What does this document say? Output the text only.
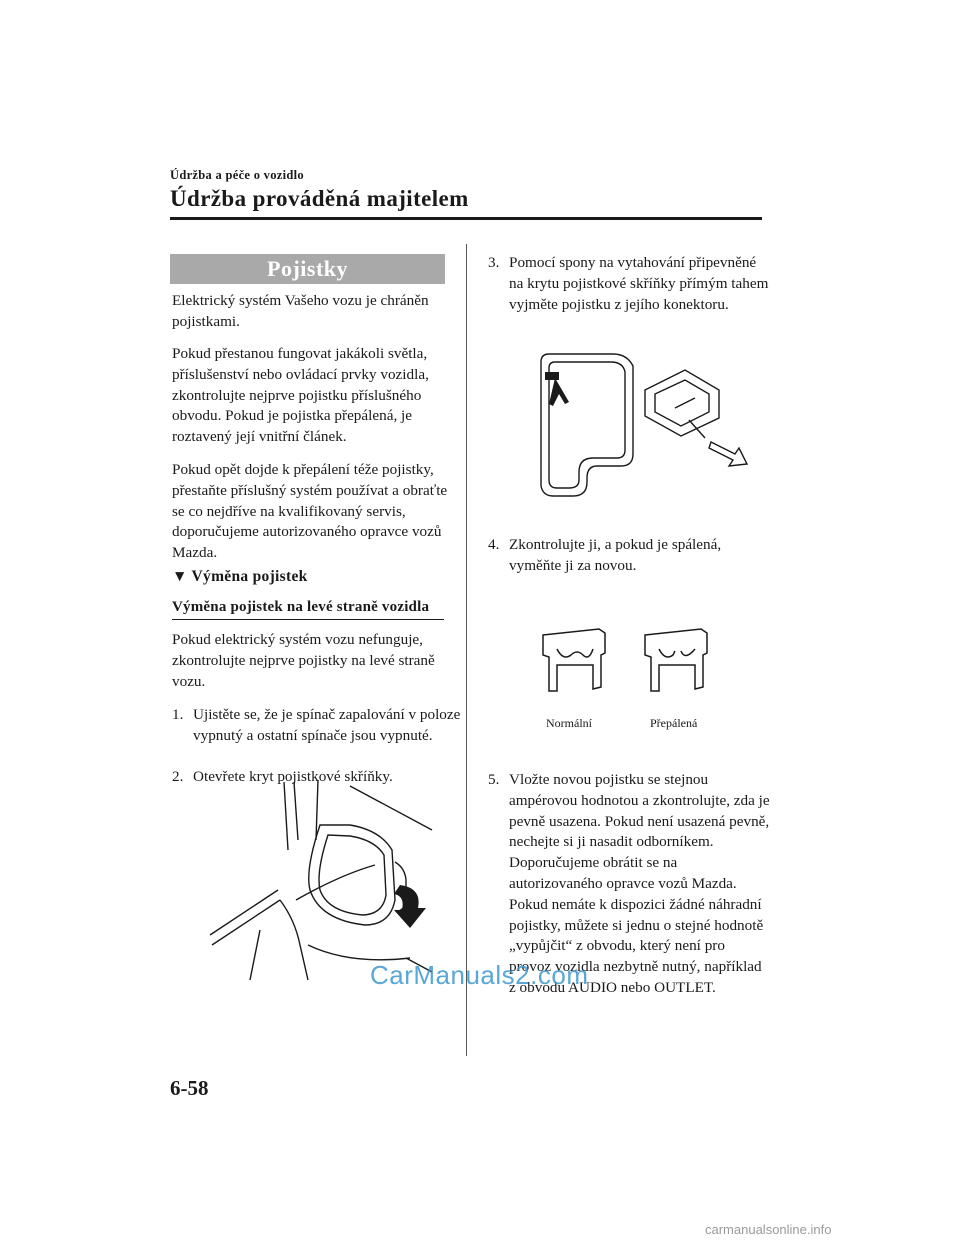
Údržba a péče o vozidlo
Údržba prováděná majitelem
Pojistky
Elektrický systém Vašeho vozu je chráněn pojistkami.
Pokud přestanou fungovat jakákoli světla, příslušenství nebo ovládací prvky vozidla, zkontrolujte nejprve pojistku příslušného obvodu. Pokud je pojistka přepálená, je roztavený její vnitřní článek.
Pokud opět dojde k přepálení téže pojistky, přestaňte příslušný systém používat a obraťte se co nejdříve na kvalifikovaný servis, doporučujeme autorizovaného opravce vozů Mazda.
▼ Výměna pojistek
Výměna pojistek na levé straně vozidla
Pokud elektrický systém vozu nefunguje, zkontrolujte nejprve pojistky na levé straně vozu.
1. Ujistěte se, že je spínač zapalování v poloze vypnutý a ostatní spínače jsou vypnuté.
2. Otevřete kryt pojistkové skříňky.
3. Pomocí spony na vytahování připevněné na krytu pojistkové skříňky přímým tahem vyjměte pojistku z jejího konektoru.
4. Zkontrolujte ji, a pokud je spálená, vyměňte ji za novou.
Normální	Přepálená
5. Vložte novou pojistku se stejnou ampérovou hodnotou a zkontrolujte, zda je pevně usazena. Pokud není usazená pevně, nechejte si ji nasadit odborníkem. Doporučujeme obrátit se na autorizovaného opravce vozů Mazda. Pokud nemáte k dispozici žádné náhradní pojistky, můžete si jednu o stejné hodnotě „vypůjčit“ z obvodu, který není pro provoz vozidla nezbytně nutný, například z obvodu AUDIO nebo OUTLET.
CarManuals2.com
6-58
carmanualsonline.info
